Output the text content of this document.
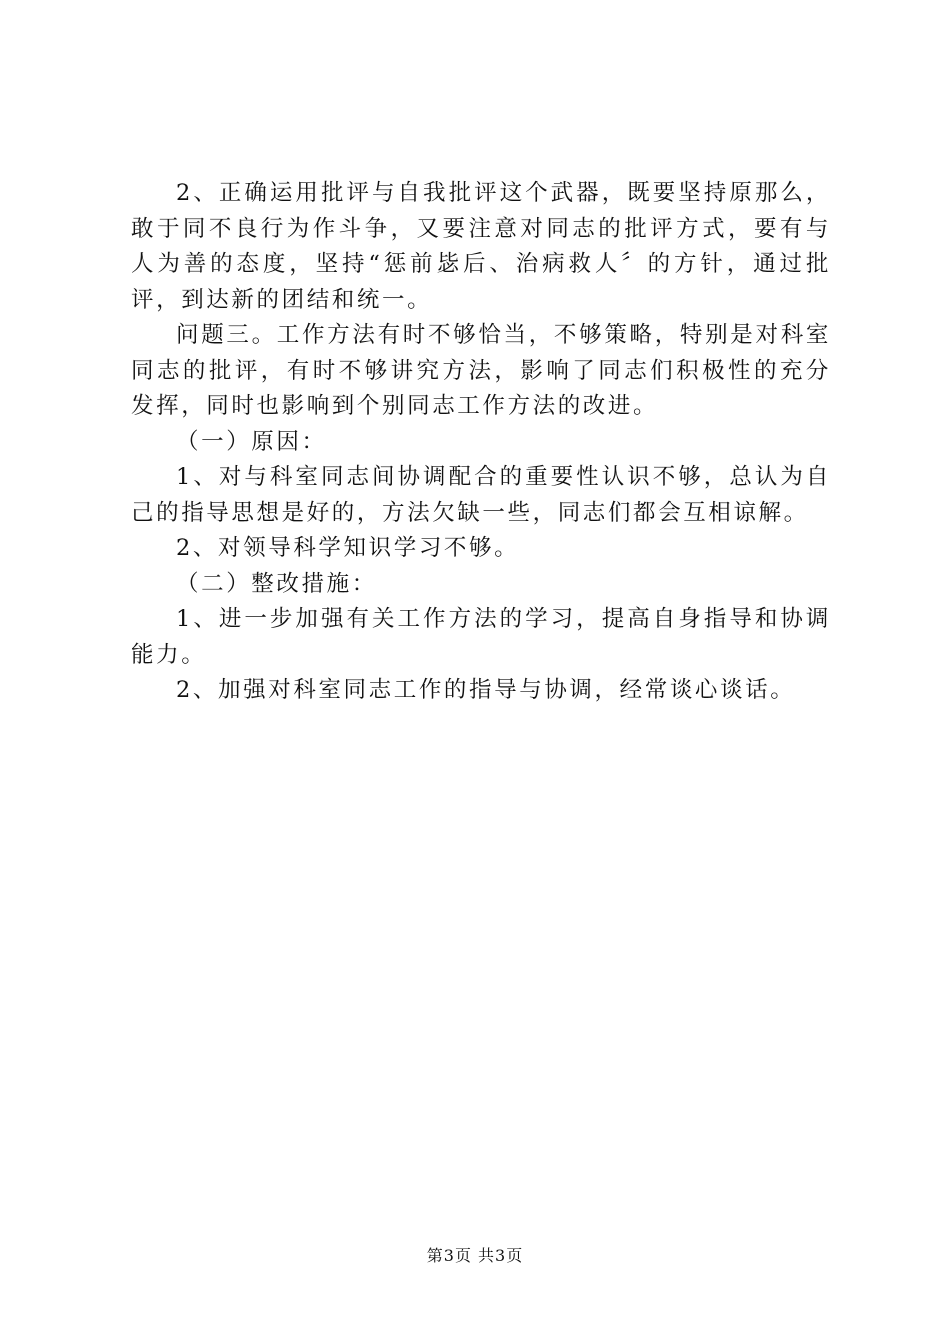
2、正确运用批评与自我批评这个武器，既要坚持原那么，敢于同不良行为作斗争，又要注意对同志的批评方式，要有与人为善的态度，坚持“惩前毖后、治病救人〞的方针，通过批评，到达新的团结和统一。

问题三。工作方法有时不够恰当，不够策略，特别是对科室同志的批评，有时不够讲究方法，影响了同志们积极性的充分发挥，同时也影响到个别同志工作方法的改进。

（一）原因：

1、对与科室同志间协调配合的重要性认识不够，总认为自己的指导思想是好的，方法欠缺一些，同志们都会互相谅解。

2、对领导科学知识学习不够。

（二）整改措施：

1、进一步加强有关工作方法的学习，提高自身指导和协调能力。

2、加强对科室同志工作的指导与协调，经常谈心谈话。

第3页 共3页
